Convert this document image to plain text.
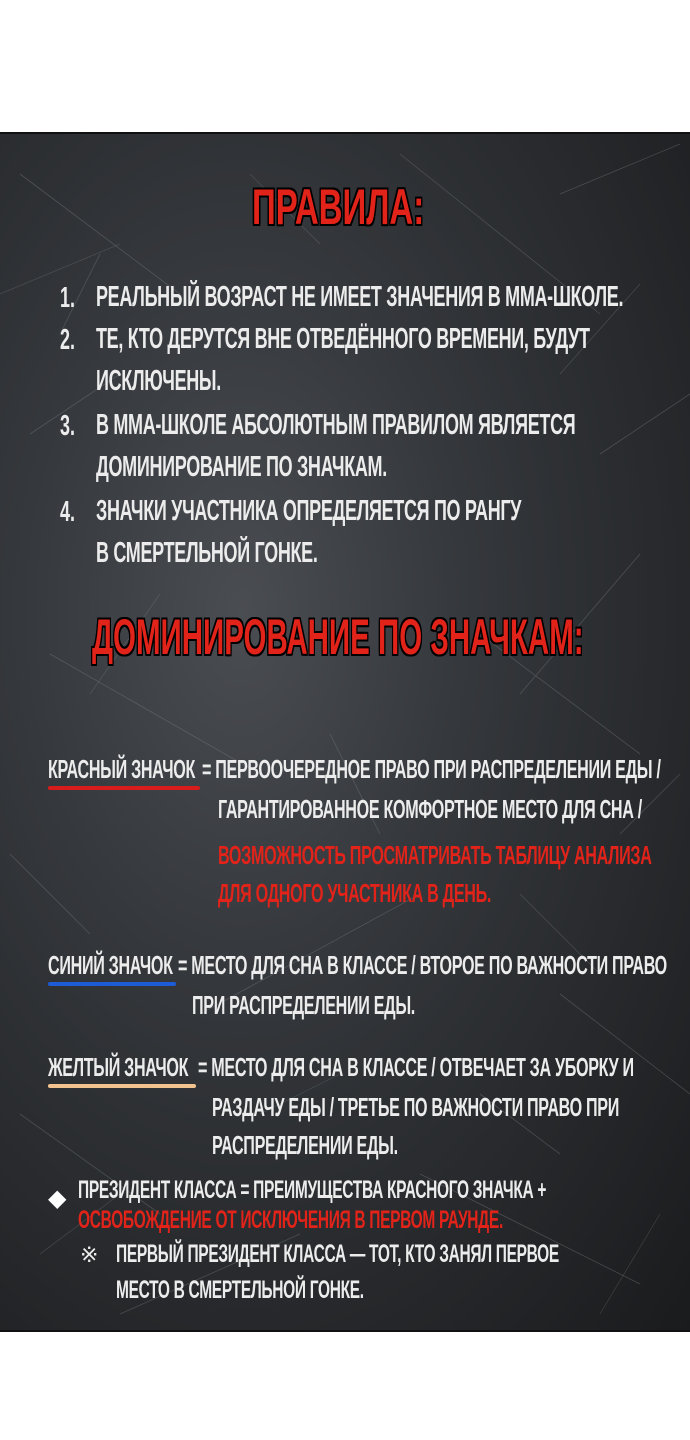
ПРАВИЛА:
1. РЕАЛЬНЫЙ ВОЗРАСТ НЕ ИМЕЕТ ЗНАЧЕНИЯ В ММА-ШКОЛЕ.
2. ТЕ, КТО ДЕРУТСЯ ВНЕ ОТВЕДЁННОГО ВРЕМЕНИ, БУДУТ
ИСКЛЮЧЕНЫ.
3. В ММА-ШКОЛЕ АБСОЛЮТНЫМ ПРАВИЛОМ ЯВЛЯЕТСЯ
ДОМИНИРОВАНИЕ ПО ЗНАЧКАМ.
4. ЗНАЧКИ УЧАСТНИКА ОПРЕДЕЛЯЕТСЯ ПО РАНГУ
В СМЕРТЕЛЬНОЙ ГОНКЕ.
ДОМИНИРОВАНИЕ ПО ЗНАЧКАМ:
КРАСНЫЙ ЗНАЧОК = ПЕРВООЧЕРЕДНОЕ ПРАВО ПРИ РАСПРЕДЕЛЕНИИ ЕДЫ /
ГАРАНТИРОВАННОЕ КОМФОРТНОЕ МЕСТО ДЛЯ СНА /
ВОЗМОЖНОСТЬ ПРОСМАТРИВАТЬ ТАБЛИЦУ АНАЛИЗА
ДЛЯ ОДНОГО УЧАСТНИКА В ДЕНЬ.
СИНИЙ ЗНАЧОК = МЕСТО ДЛЯ СНА В КЛАССЕ / ВТОРОЕ ПО ВАЖНОСТИ ПРАВО
ПРИ РАСПРЕДЕЛЕНИИ ЕДЫ.
ЖЕЛТЫЙ ЗНАЧОК = МЕСТО ДЛЯ СНА В КЛАССЕ / ОТВЕЧАЕТ ЗА УБОРКУ И
РАЗДАЧУ ЕДЫ / ТРЕТЬЕ ПО ВАЖНОСТИ ПРАВО ПРИ
РАСПРЕДЕЛЕНИИ ЕДЫ.
◆ ПРЕЗИДЕНТ КЛАССА = ПРЕИМУЩЕСТВА КРАСНОГО ЗНАЧКА +
ОСВОБОЖДЕНИЕ ОТ ИСКЛЮЧЕНИЯ В ПЕРВОМ РАУНДЕ.
※ ПЕРВЫЙ ПРЕЗИДЕНТ КЛАССА — ТОТ, КТО ЗАНЯЛ ПЕРВОЕ
МЕСТО В СМЕРТЕЛЬНОЙ ГОНКЕ.
